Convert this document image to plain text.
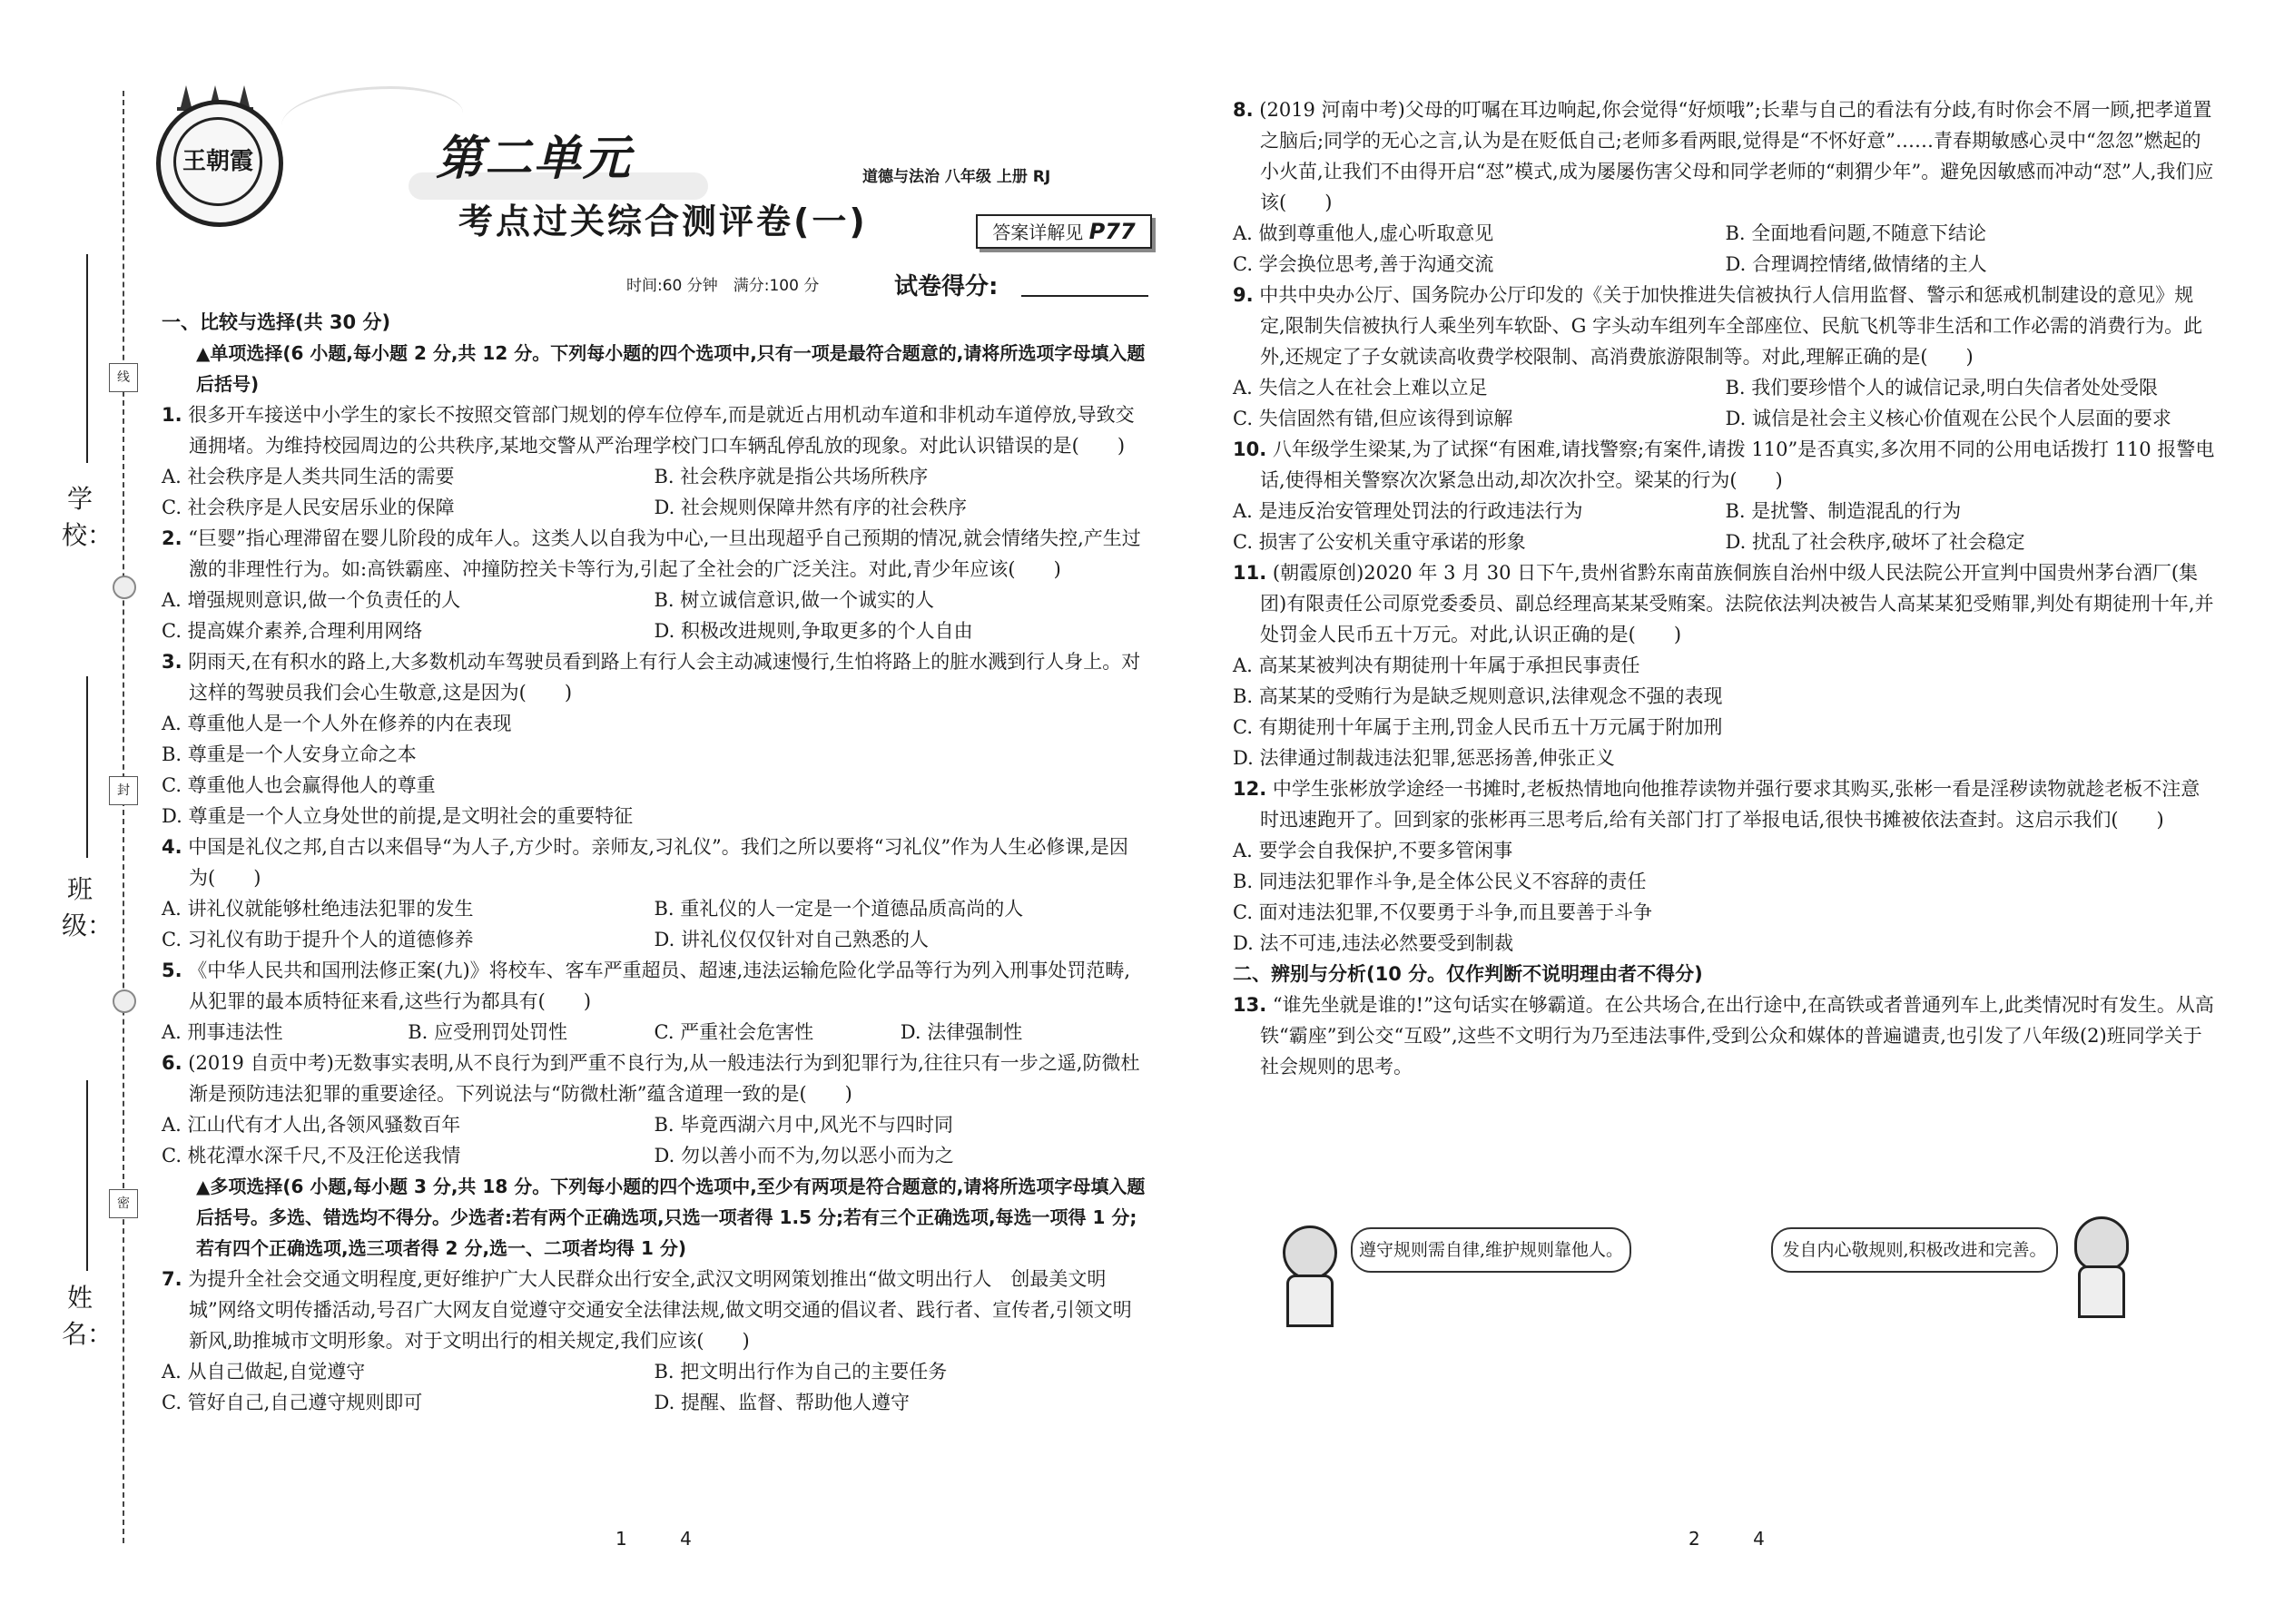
学校：
班级：
姓名：
线
封
密
王朝霞	第二单元	道德与法治 八年级 上册 RJ
考点过关综合测评卷(一)	答案详解见 P77
时间:60 分钟　满分:100 分	试卷得分:

一、比较与选择(共 30 分)

▲单项选择(6 小题,每小题 2 分,共 12 分。下列每小题的四个选项中,只有一项是最符合题意的,请将所选项字母填入题后括号)

1. 很多开车接送中小学生的家长不按照交管部门规划的停车位停车,而是就近占用机动车道和非机动车道停放,导致交通拥堵。为维持校园周边的公共秩序,某地交警从严治理学校门口车辆乱停乱放的现象。对此认识错误的是(　　)

A. 社会秩序是人类共同生活的需要	B. 社会秩序就是指公共场所秩序

C. 社会秩序是人民安居乐业的保障	D. 社会规则保障井然有序的社会秩序

2. “巨婴”指心理滞留在婴儿阶段的成年人。这类人以自我为中心,一旦出现超乎自己预期的情况,就会情绪失控,产生过激的非理性行为。如:高铁霸座、冲撞防控关卡等行为,引起了全社会的广泛关注。对此,青少年应该(　　)

A. 增强规则意识,做一个负责任的人	B. 树立诚信意识,做一个诚实的人

C. 提高媒介素养,合理利用网络	D. 积极改进规则,争取更多的个人自由

3. 阴雨天,在有积水的路上,大多数机动车驾驶员看到路上有行人会主动减速慢行,生怕将路上的脏水溅到行人身上。对这样的驾驶员我们会心生敬意,这是因为(　　)

A. 尊重他人是一个人外在修养的内在表现

B. 尊重是一个人安身立命之本

C. 尊重他人也会赢得他人的尊重

D. 尊重是一个人立身处世的前提,是文明社会的重要特征

4. 中国是礼仪之邦,自古以来倡导“为人子,方少时。亲师友,习礼仪”。我们之所以要将“习礼仪”作为人生必修课,是因为(　　)

A. 讲礼仪就能够杜绝违法犯罪的发生	B. 重礼仪的人一定是一个道德品质高尚的人

C. 习礼仪有助于提升个人的道德修养	D. 讲礼仪仅仅针对自己熟悉的人

5. 《中华人民共和国刑法修正案(九)》将校车、客车严重超员、超速,违法运输危险化学品等行为列入刑事处罚范畴,从犯罪的最本质特征来看,这些行为都具有(　　)

A. 刑事违法性	B. 应受刑罚处罚性	C. 严重社会危害性	D. 法律强制性

6. (2019 自贡中考)无数事实表明,从不良行为到严重不良行为,从一般违法行为到犯罪行为,往往只有一步之遥,防微杜渐是预防违法犯罪的重要途径。下列说法与“防微杜渐”蕴含道理一致的是(　　)

A. 江山代有才人出,各领风骚数百年	B. 毕竟西湖六月中,风光不与四时同

C. 桃花潭水深千尺,不及汪伦送我情	D. 勿以善小而不为,勿以恶小而为之

▲多项选择(6 小题,每小题 3 分,共 18 分。下列每小题的四个选项中,至少有两项是符合题意的,请将所选项字母填入题后括号。多选、错选均不得分。少选者:若有两个正确选项,只选一项者得 1.5 分;若有三个正确选项,每选一项得 1 分;若有四个正确选项,选三项者得 2 分,选一、二项者均得 1 分)

7. 为提升全社会交通文明程度,更好维护广大人民群众出行安全,武汉文明网策划推出“做文明出行人　创最美文明城”网络文明传播活动,号召广大网友自觉遵守交通安全法律法规,做文明交通的倡议者、践行者、宣传者,引领文明新风,助推城市文明形象。对于文明出行的相关规定,我们应该(　　)

A. 从自己做起,自觉遵守	B. 把文明出行作为自己的主要任务

C. 管好自己,自己遵守规则即可	D. 提醒、监督、帮助他人遵守

1	4

8. (2019 河南中考)父母的叮嘱在耳边响起,你会觉得“好烦哦”;长辈与自己的看法有分歧,有时你会不屑一顾,把孝道置之脑后;同学的无心之言,认为是在贬低自己;老师多看两眼,觉得是“不怀好意”……青春期敏感心灵中“忽忽”燃起的小火苗,让我们不由得开启“怼”模式,成为屡屡伤害父母和同学老师的“刺猬少年”。避免因敏感而冲动“怼”人,我们应该(　　)

A. 做到尊重他人,虚心听取意见	B. 全面地看问题,不随意下结论

C. 学会换位思考,善于沟通交流	D. 合理调控情绪,做情绪的主人

9. 中共中央办公厅、国务院办公厅印发的《关于加快推进失信被执行人信用监督、警示和惩戒机制建设的意见》规定,限制失信被执行人乘坐列车软卧、G 字头动车组列车全部座位、民航飞机等非生活和工作必需的消费行为。此外,还规定了子女就读高收费学校限制、高消费旅游限制等。对此,理解正确的是(　　)

A. 失信之人在社会上难以立足	B. 我们要珍惜个人的诚信记录,明白失信者处处受限

C. 失信固然有错,但应该得到谅解	D. 诚信是社会主义核心价值观在公民个人层面的要求

10. 八年级学生梁某,为了试探“有困难,请找警察;有案件,请拨 110”是否真实,多次用不同的公用电话拨打 110 报警电话,使得相关警察次次紧急出动,却次次扑空。梁某的行为(　　)

A. 是违反治安管理处罚法的行政违法行为	B. 是扰警、制造混乱的行为

C. 损害了公安机关重守承诺的形象	D. 扰乱了社会秩序,破坏了社会稳定

11. (朝霞原创)2020 年 3 月 30 日下午,贵州省黔东南苗族侗族自治州中级人民法院公开宣判中国贵州茅台酒厂(集团)有限责任公司原党委委员、副总经理高某某受贿案。法院依法判决被告人高某某犯受贿罪,判处有期徒刑十年,并处罚金人民币五十万元。对此,认识正确的是(　　)

A. 高某某被判决有期徒刑十年属于承担民事责任

B. 高某某的受贿行为是缺乏规则意识,法律观念不强的表现

C. 有期徒刑十年属于主刑,罚金人民币五十万元属于附加刑

D. 法律通过制裁违法犯罪,惩恶扬善,伸张正义

12. 中学生张彬放学途经一书摊时,老板热情地向他推荐读物并强行要求其购买,张彬一看是淫秽读物就趁老板不注意时迅速跑开了。回到家的张彬再三思考后,给有关部门打了举报电话,很快书摊被依法查封。这启示我们(　　)

A. 要学会自我保护,不要多管闲事

B. 同违法犯罪作斗争,是全体公民义不容辞的责任

C. 面对违法犯罪,不仅要勇于斗争,而且要善于斗争

D. 法不可违,违法必然要受到制裁

二、辨别与分析(10 分。仅作判断不说明理由者不得分)

13. “谁先坐就是谁的!”这句话实在够霸道。在公共场合,在出行途中,在高铁或者普通列车上,此类情况时有发生。从高铁“霸座”到公交“互殴”,这些不文明行为乃至违法事件,受到公众和媒体的普遍谴责,也引发了八年级(2)班同学关于社会规则的思考。

遵守规则需自律,维护规则靠他人。	发自内心敬规则,积极改进和完善。
2	4
